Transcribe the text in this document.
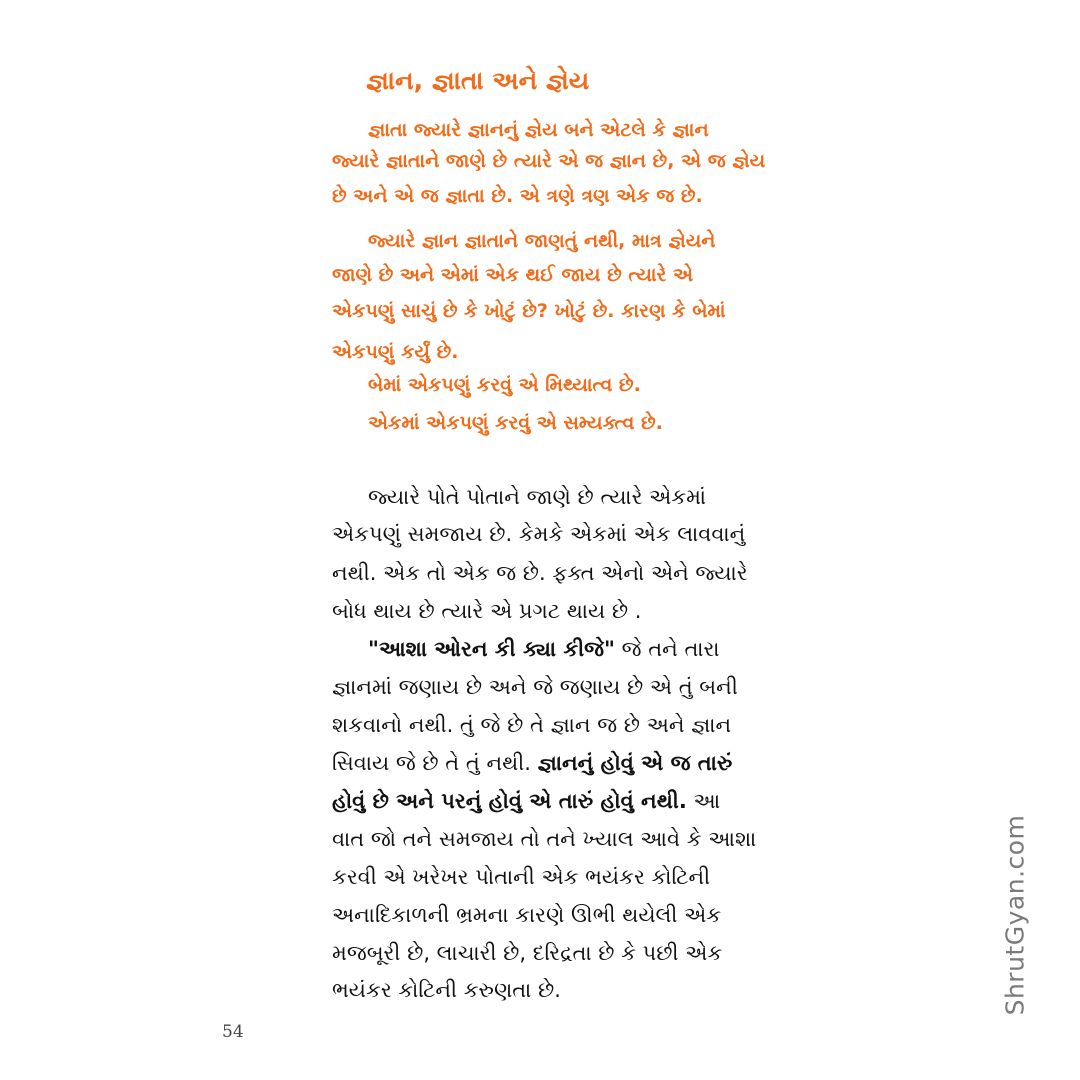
જ્ઞાન, જ્ઞાતા અને જ્ઞેય
જ્ઞાતા જ્યારે જ્ઞાનનું જ્ઞેય બને એટલે કે જ્ઞાન
જ્યારે જ્ઞાતાને જાણે છે ત્યારે એ જ જ્ઞાન છે, એ જ જ્ઞેય
છે અને એ જ જ્ઞાતા છે. એ ત્રણે ત્રણ એક જ છે.
જ્યારે જ્ઞાન જ્ઞાતાને જાણતું નથી, માત્ર જ્ઞેયને
જાણે છે અને એમાં એક થઈ જાય છે ત્યારે એ
એકપણું સાચું છે કે ખોટું છે? ખોટું છે. કારણ કે બેમાં
એકપણું કર્યું છે.
બેમાં એકપણું કરવું એ મિથ્યાત્વ છે.
એકમાં એકપણું કરવું એ સમ્યક્ત્વ છે.
જ્યારે પોતે પોતાને જાણે છે ત્યારે એકમાં
એકપણું સમજાય છે. કેમકે એકમાં એક લાવવાનું
નથી. એક તો એક જ છે. ફક્ત એનો એને જ્યારે
બોધ થાય છે ત્યારે એ પ્રગટ થાય છે .
"આશા ઓરન કી ક્યા કીજે" જે તને તારા
જ્ઞાનમાં જણાય છે અને જે જણાય છે એ તું બની
શકવાનો નથી. તું જે છે તે જ્ઞાન જ છે અને જ્ઞાન
સિવાય જે છે તે તું નથી. જ્ઞાનનું હોવું એ જ તારું
હોવું છે અને પરનું હોવું એ તારું હોવું નથી. આ
વાત જો તને સમજાય તો તને ખ્યાલ આવે કે આશા
કરવી એ ખરેખર પોતાની એક ભયંકર કોટિની
અનાદિકાળની ભ્રમના કારણે ઊભી થયેલી એક
મજબૂરી છે, લાચારી છે, દરિદ્રતા છે કે પછી એક
ભયંકર કોટિની કરુણતા છે.
54
ShrutGyan.com
